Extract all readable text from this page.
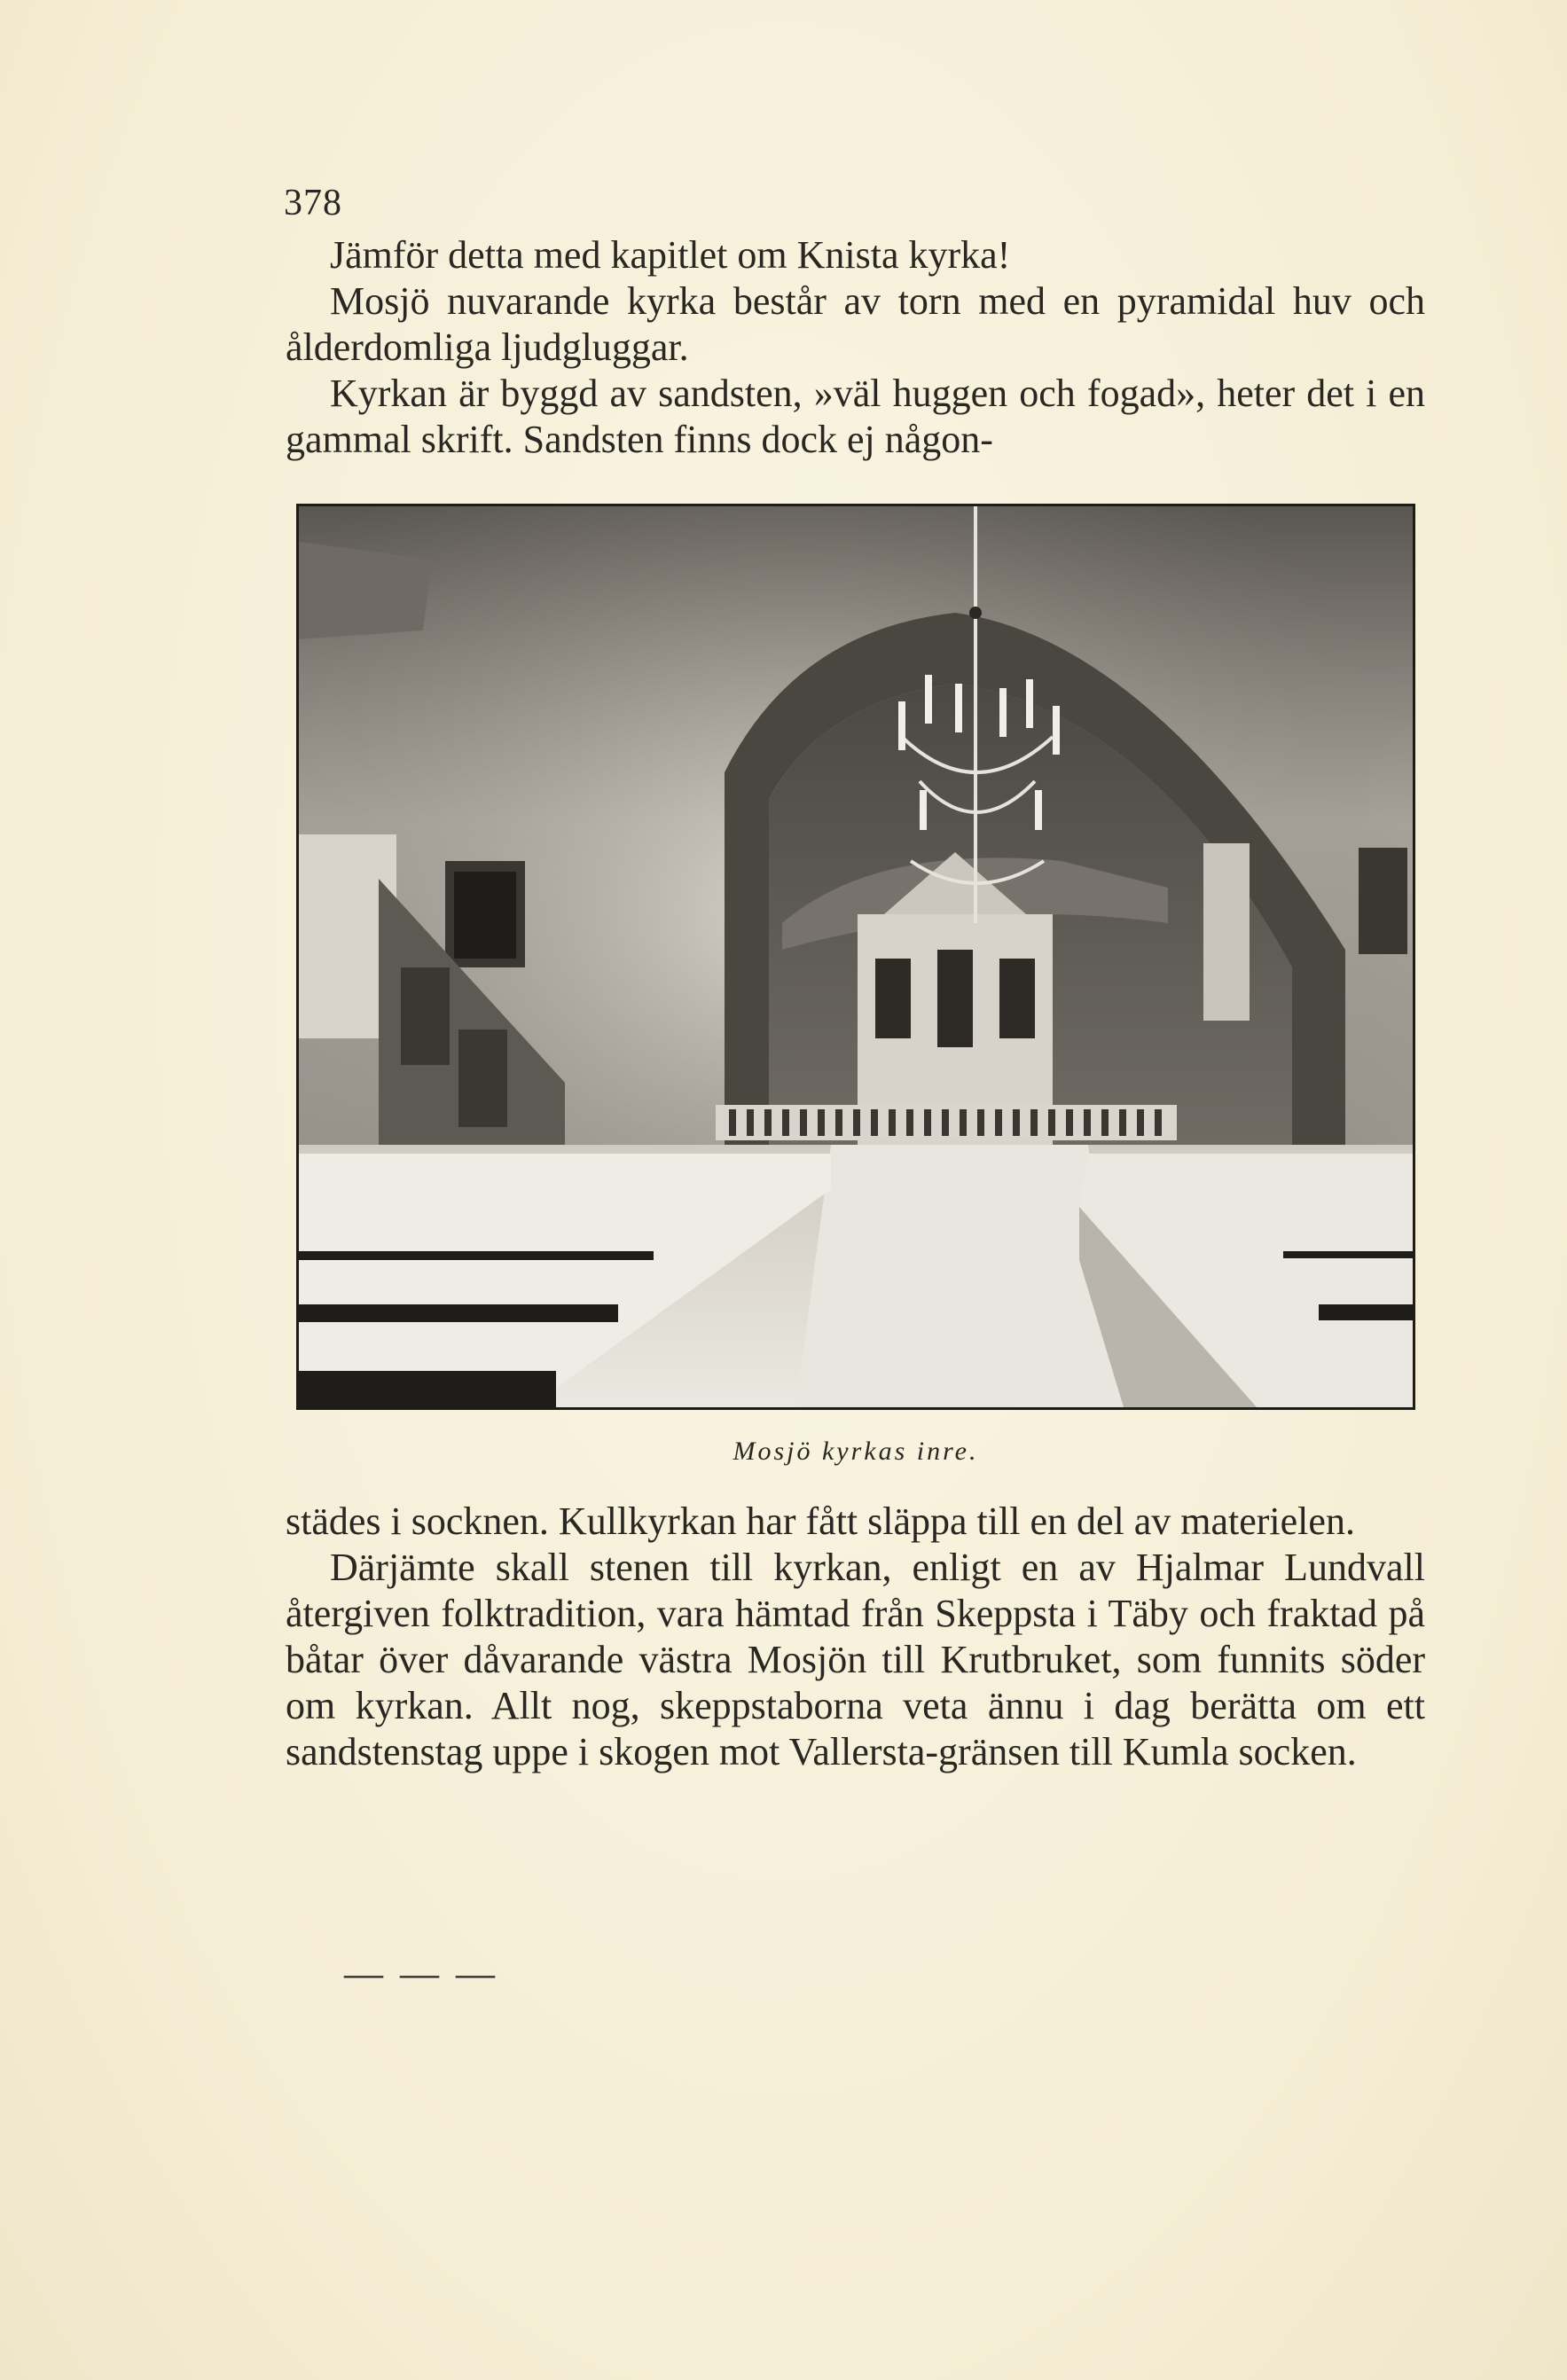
378

Jämför detta med kapitlet om Knista kyrka!

Mosjö nuvarande kyrka består av torn med en pyramidal huv och ålderdomliga ljudgluggar.

Kyrkan är byggd av sandsten, »väl huggen och fogad», heter det i en gammal skrift. Sandsten finns dock ej någon-

Mosjö kyrkas inre.

städes i socknen. Kullkyrkan har fått släppa till en del av materielen.

Därjämte skall stenen till kyrkan, enligt en av Hjalmar Lundvall återgiven folktradition, vara hämtad från Skeppsta i Täby och fraktad på båtar över dåvarande västra Mosjön till Krutbruket, som funnits söder om kyrkan. Allt nog, skeppstaborna veta ännu i dag berätta om ett sandstenstag uppe i skogen mot Vallersta-gränsen till Kumla socken.

— — —
